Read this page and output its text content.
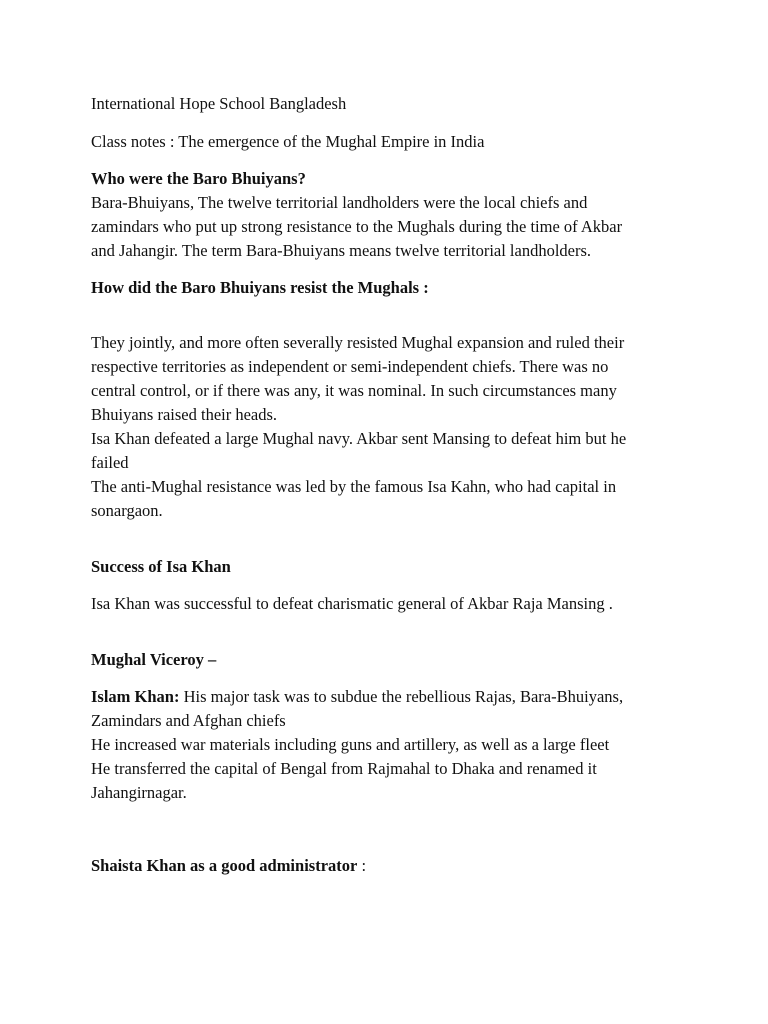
International Hope School Bangladesh

Class notes : The emergence of the Mughal Empire in India

Who were the Baro Bhuiyans?

Bara-Bhuiyans, The twelve territorial landholders were the local chiefs and

zamindars who put up strong resistance to the Mughals during the time of Akbar

and Jahangir. The term Bara-Bhuiyans means twelve territorial landholders.

How did the Baro Bhuiyans resist the Mughals :

They jointly, and more often severally resisted Mughal expansion and ruled their

respective territories as independent or semi-independent chiefs. There was no

central control, or if there was any, it was nominal. In such circumstances many

Bhuiyans raised their heads.

Isa Khan defeated a large Mughal navy. Akbar sent Mansing to defeat him but he

failed

The anti-Mughal resistance was led by the famous Isa Kahn, who had capital in

sonargaon.

Success of Isa Khan

Isa Khan was successful to defeat charismatic general of Akbar Raja Mansing .

Mughal Viceroy –

Islam Khan: His major task was to subdue the rebellious Rajas, Bara-Bhuiyans,

Zamindars and Afghan chiefs

He increased war materials including guns and artillery, as well as a large fleet

He transferred the capital of Bengal from Rajmahal to Dhaka and renamed it

Jahangirnagar.

Shaista Khan as a good administrator :
